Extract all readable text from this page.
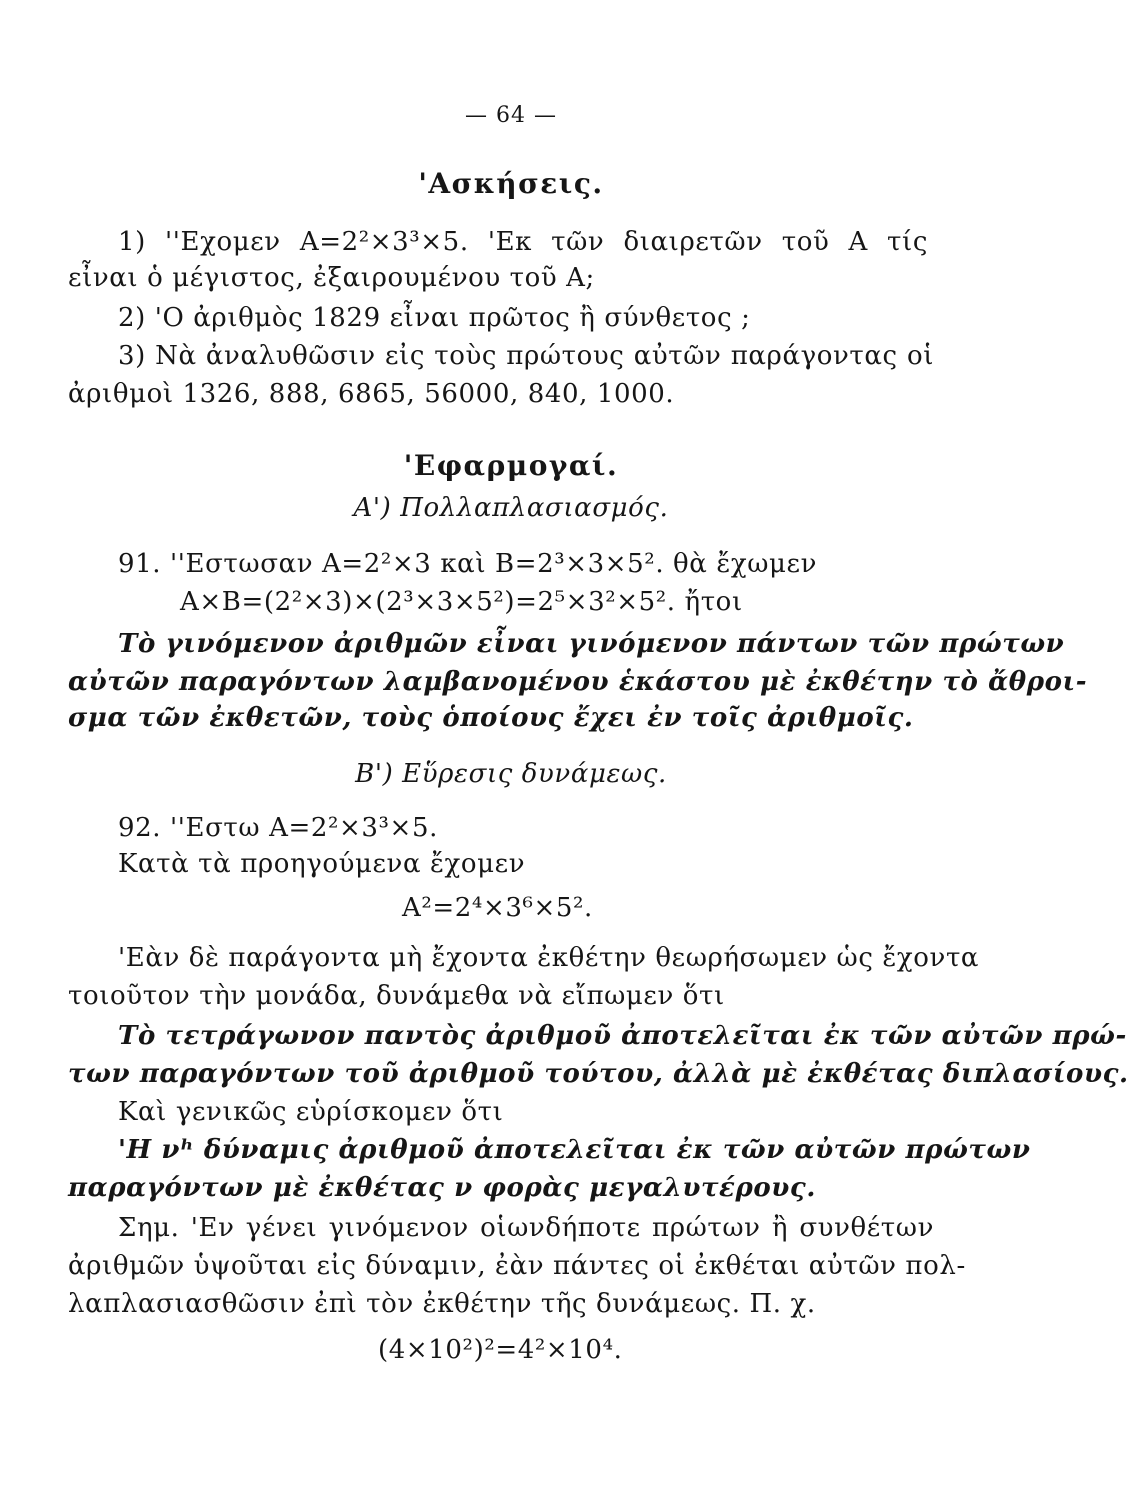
— 64 —
'Ασκήσεις.
1) ''Εχομεν A=2²×3³×5. 'Εκ τῶν διαιρετῶν τοῦ A τίς
εἶναι ὁ μέγιστος, ἐξαιρουμένου τοῦ A;
2) 'O ἀριθμὸς 1829 εἶναι πρῶτος ἢ σύνθετος ;
3) Νὰ ἀναλυθῶσιν εἰς τοὺς πρώτους αὐτῶν παράγοντας οἱ
ἀριθμοὶ 1326, 888, 6865, 56000, 840, 1000.
'Εφαρμογαί.
A') Πολλαπλασιασμός.
91. ''Εστωσαν A=2²×3 καὶ B=2³×3×5². θὰ ἔχωμεν
A×B=(2²×3)×(2³×3×5²)=2⁵×3²×5². ἤτοι
Τὸ γινόμενον ἀριθμῶν εἶναι γινόμενον πάντων τῶν πρώτων
αὐτῶν παραγόντων λαμβανομένου ἑκάστου μὲ ἐκθέτην τὸ ἄθροι-
σμα τῶν ἐκθετῶν, τοὺς ὁποίους ἔχει ἐν τοῖς ἀριθμοῖς.
B') Εὕρεσις δυνάμεως.
92. ''Εστω A=2²×3³×5.
Κατὰ τὰ προηγούμενα ἔχομεν
A²=2⁴×3⁶×5².
'Εὰν δὲ παράγοντα μὴ ἔχοντα ἐκθέτην θεωρήσωμεν ὡς ἔχοντα
τοιοῦτον τὴν μονάδα, δυνάμεθα νὰ εἴπωμεν ὅτι
Τὸ τετράγωνον παντὸς ἀριθμοῦ ἀποτελεῖται ἐκ τῶν αὐτῶν πρώ-
των παραγόντων τοῦ ἀριθμοῦ τούτου, ἀλλὰ μὲ ἐκθέτας διπλασίους.
Καὶ γενικῶς εὑρίσκομεν ὅτι
'H νʰ δύναμις ἀριθμοῦ ἀποτελεῖται ἐκ τῶν αὐτῶν πρώτων
παραγόντων μὲ ἐκθέτας ν φορὰς μεγαλυτέρους.
Σημ. 'Eν γένει γινόμενον οἱωνδήποτε πρώτων ἢ συνθέτων
ἀριθμῶν ὑψοῦται εἰς δύναμιν, ἐὰν πάντες οἱ ἐκθέται αὐτῶν πολ-
λαπλασιασθῶσιν ἐπὶ τὸν ἐκθέτην τῆς δυνάμεως. Π. χ.
(4×10²)²=4²×10⁴.
